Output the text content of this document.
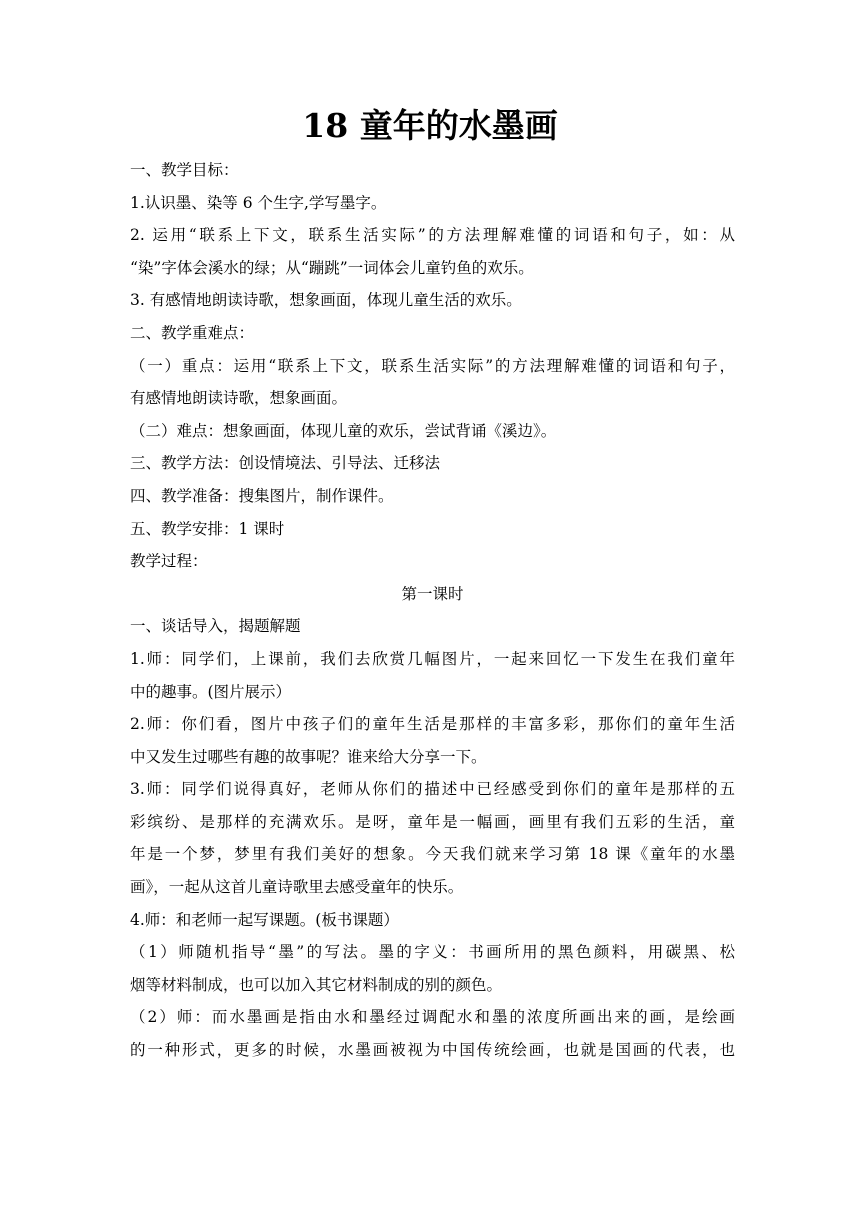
18 童年的水墨画
一、教学目标：
1.认识墨、染等 6 个生字,学写墨字。
2. 运用“联系上下文，联系生活实际”的方法理解难懂的词语和句子，如：从
“染”字体会溪水的绿；从“蹦跳”一词体会儿童钓鱼的欢乐。
3. 有感情地朗读诗歌，想象画面，体现儿童生活的欢乐。
二、教学重难点：
（一）重点：运用“联系上下文，联系生活实际”的方法理解难懂的词语和句子，
有感情地朗读诗歌，想象画面。
（二）难点：想象画面，体现儿童的欢乐，尝试背诵《溪边》。
三、教学方法：创设情境法、引导法、迁移法
四、教学准备：搜集图片，制作课件。
五、教学安排：1 课时
教学过程：
第一课时
一、谈话导入，揭题解题
1.师：同学们，上课前，我们去欣赏几幅图片，一起来回忆一下发生在我们童年
中的趣事。(图片展示）
2.师：你们看，图片中孩子们的童年生活是那样的丰富多彩，那你们的童年生活
中又发生过哪些有趣的故事呢？谁来给大分享一下。
3.师：同学们说得真好，老师从你们的描述中已经感受到你们的童年是那样的五
彩缤纷、是那样的充满欢乐。是呀，童年是一幅画，画里有我们五彩的生活，童
年是一个梦，梦里有我们美好的想象。今天我们就来学习第 18 课《童年的水墨
画》，一起从这首儿童诗歌里去感受童年的快乐。
4.师：和老师一起写课题。(板书课题）
（1）师随机指导“墨”的写法。墨的字义：书画所用的黑色颜料，用碳黑、松
烟等材料制成，也可以加入其它材料制成的别的颜色。
（2）师：而水墨画是指由水和墨经过调配水和墨的浓度所画出来的画，是绘画
的一种形式，更多的时候，水墨画被视为中国传统绘画，也就是国画的代表，也
